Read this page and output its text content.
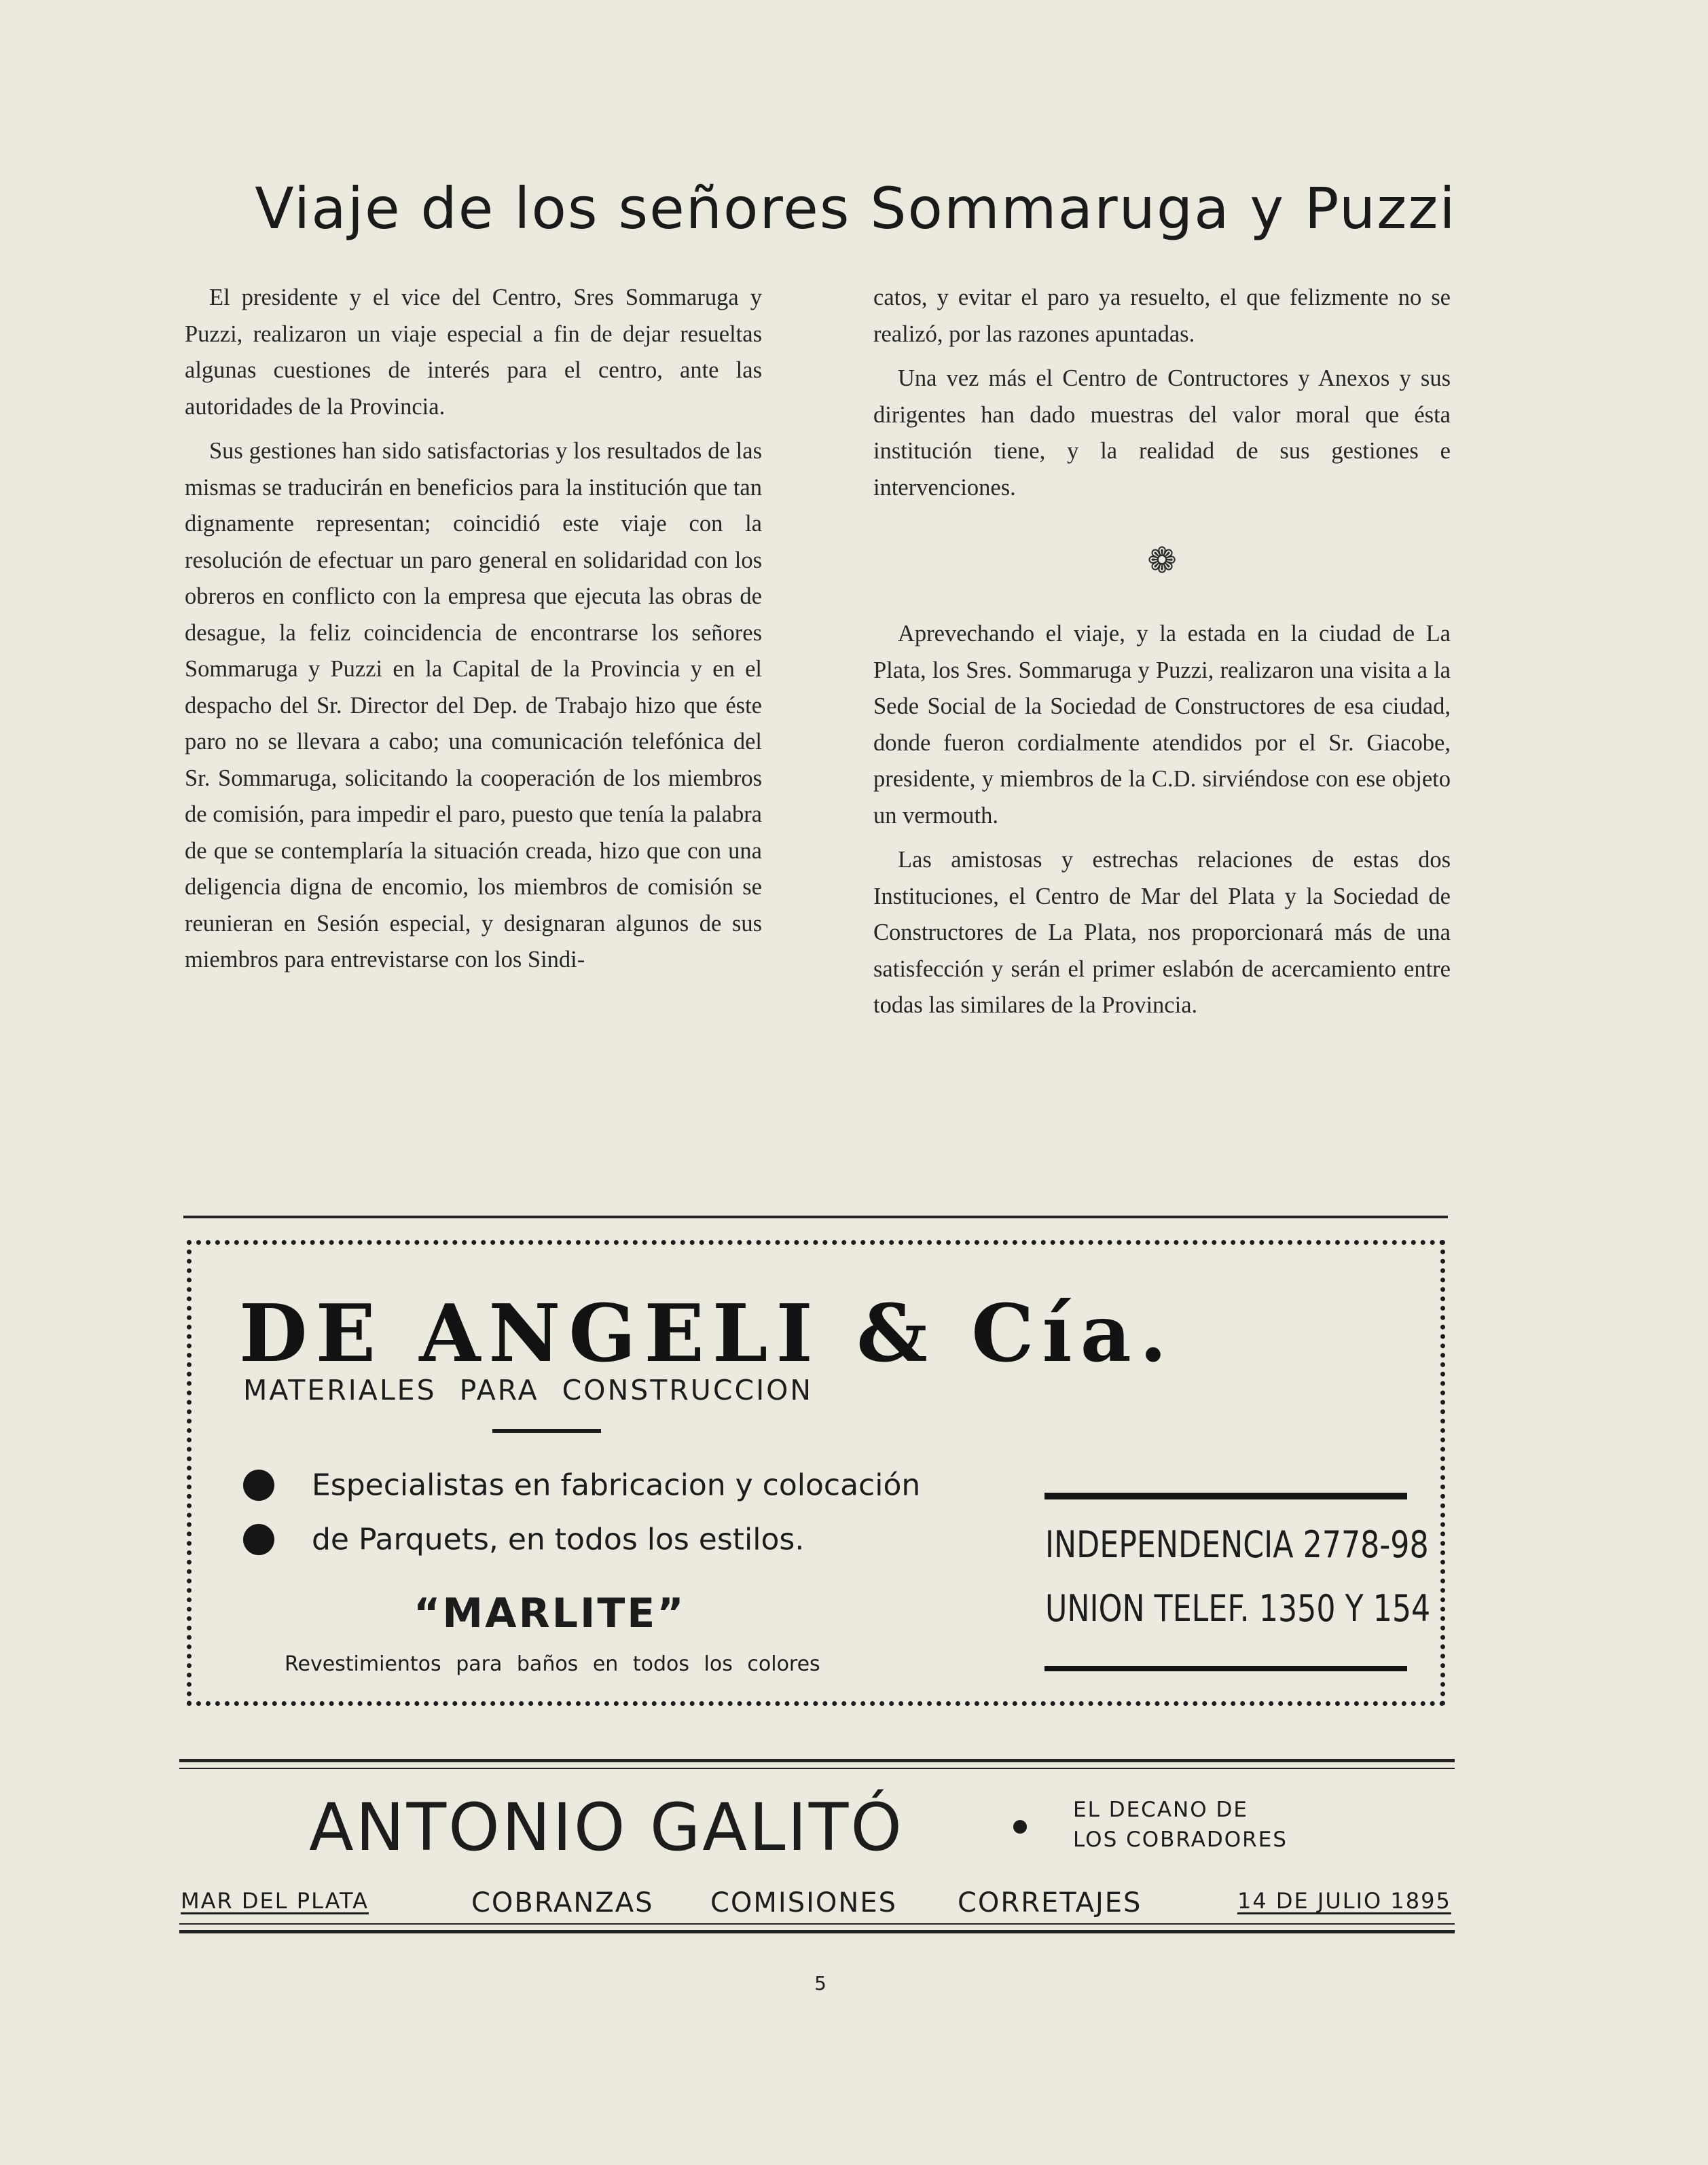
Viaje de los señores Sommaruga y Puzzi

El presidente y el vice del Centro, Sres Sommaruga y Puzzi, realizaron un viaje especial a fin de dejar resueltas algunas cuestiones de interés para el centro, ante las autoridades de la Provincia.

Sus gestiones han sido satisfactorias y los resultados de las mismas se traducirán en beneficios para la institución que tan dignamente representan; coincidió este viaje con la resolución de efectuar un paro general en solidaridad con los obreros en conflicto con la empresa que ejecuta las obras de desague, la feliz coincidencia de encontrarse los señores Sommaruga y Puzzi en la Capital de la Provincia y en el despacho del Sr. Director del Dep. de Trabajo hizo que éste paro no se llevara a cabo; una comunicación telefónica del Sr. Sommaruga, solicitando la cooperación de los miembros de comisión, para impedir el paro, puesto que tenía la palabra de que se contemplaría la situación creada, hizo que con una deligencia digna de encomio, los miembros de comisión se reunieran en Sesión especial, y designaran algunos de sus miembros para entrevistarse con los Sindi-

catos, y evitar el paro ya resuelto, el que felizmente no se realizó, por las razones apuntadas.

Una vez más el Centro de Contructores y Anexos y sus dirigentes han dado muestras del valor moral que ésta institución tiene, y la realidad de sus gestiones e intervenciones.

❁

Aprevechando el viaje, y la estada en la ciudad de La Plata, los Sres. Sommaruga y Puzzi, realizaron una visita a la Sede Social de la Sociedad de Constructores de esa ciudad, donde fueron cordialmente atendidos por el Sr. Giacobe, presidente, y miembros de la C.D. sirviéndose con ese objeto un vermouth.

Las amistosas y estrechas relaciones de estas dos Instituciones, el Centro de Mar del Plata y la Sociedad de Constructores de La Plata, nos proporcionará más de una satisfección y serán el primer eslabón de acercamiento entre todas las similares de la Provincia.

DE ANGELI & Cía.
MATERIALES PARA CONSTRUCCION
Especialistas en fabricacion y colocación
de Parquets, en todos los estilos.
“MARLITE”
Revestimientos para baños en todos los colores
INDEPENDENCIA 2778-98
UNION TELEF. 1350 Y 154
ANTONIO GALITÓ	EL DECANO DE
LOS COBRADORES
MAR DEL PLATA	COBRANZAS COMISIONES CORRETAJES	14 DE JULIO 1895
5
